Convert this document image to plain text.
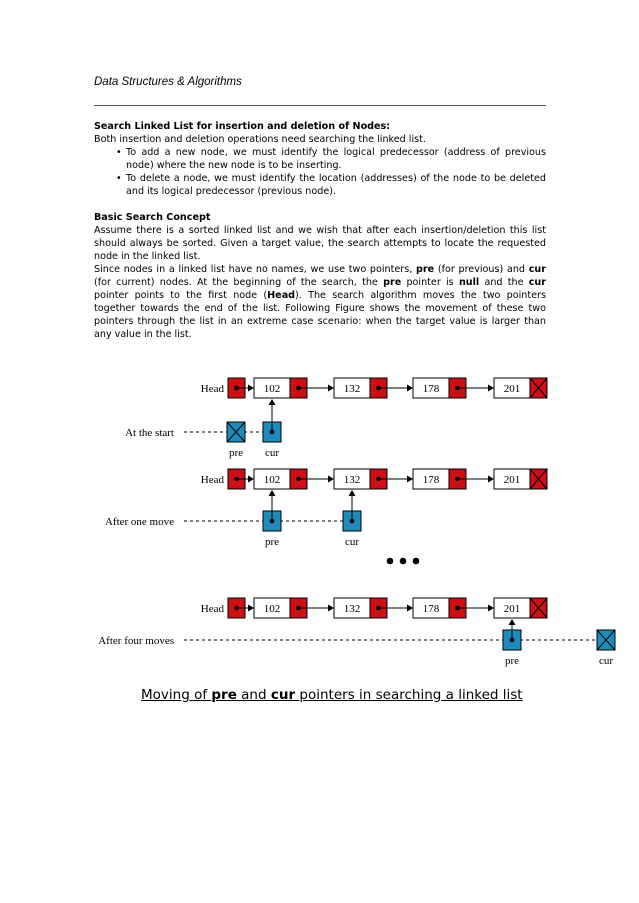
Data Structures & Algorithms

Search Linked List for insertion and deletion of Nodes:

Both insertion and deletion operations need searching the linked list.

• To add a new node, we must identify the logical predecessor (address of previous node) where the new node is to be inserting.
• To delete a node, we must identify the location (addresses) of the node to be deleted and its logical predecessor (previous node).

Basic Search Concept

Assume there is a sorted linked list and we wish that after each insertion/deletion this list should always be sorted. Given a target value, the search attempts to locate the requested node in the linked list.

Since nodes in a linked list have no names, we use two pointers, pre (for previous) and cur (for current) nodes. At the beginning of the search, the pre pointer is null and the cur pointer points to the first node (Head). The search algorithm moves the two pointers together towards the end of the list. Following Figure shows the movement of these two pointers through the list in an extreme case scenario: when the target value is larger than any value in the list.

Head	102	132	178	201
At the start
pre cur
Head	102	132	178	201
After one move
pre	cur
Head	102	132	178	201
After four moves
pre	cur
Moving of pre and cur pointers in searching a linked list
